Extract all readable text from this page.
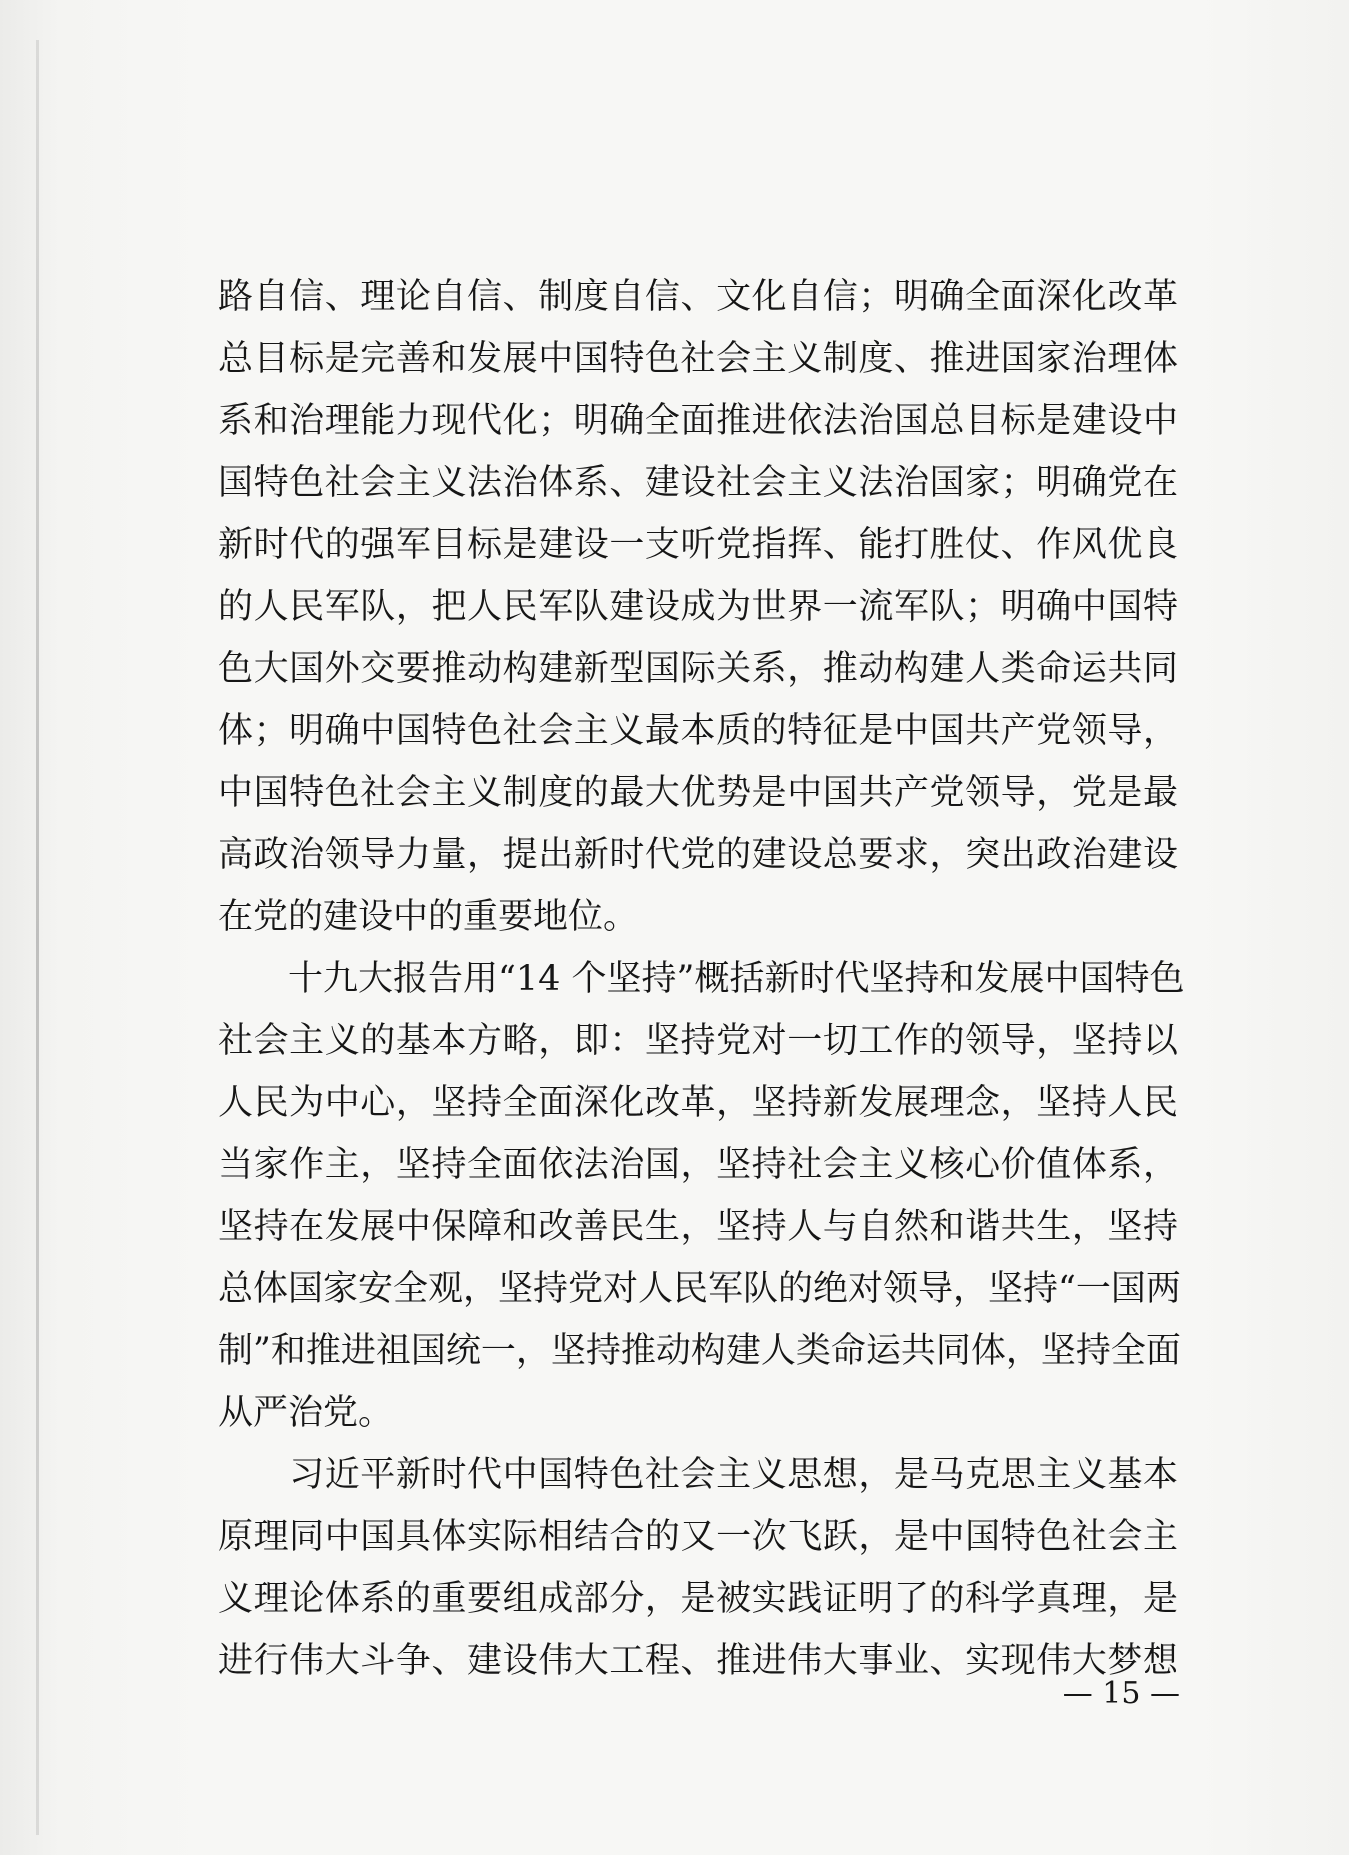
路自信、理论自信、制度自信、文化自信；明确全面深化改革
总目标是完善和发展中国特色社会主义制度、推进国家治理体
系和治理能力现代化；明确全面推进依法治国总目标是建设中
国特色社会主义法治体系、建设社会主义法治国家；明确党在
新时代的强军目标是建设一支听党指挥、能打胜仗、作风优良
的人民军队，把人民军队建设成为世界一流军队；明确中国特
色大国外交要推动构建新型国际关系，推动构建人类命运共同
体；明确中国特色社会主义最本质的特征是中国共产党领导，
中国特色社会主义制度的最大优势是中国共产党领导，党是最
高政治领导力量，提出新时代党的建设总要求，突出政治建设
在党的建设中的重要地位。
　　十九大报告用“14 个坚持”概括新时代坚持和发展中国特色
社会主义的基本方略，即：坚持党对一切工作的领导，坚持以
人民为中心，坚持全面深化改革，坚持新发展理念，坚持人民
当家作主，坚持全面依法治国，坚持社会主义核心价值体系，
坚持在发展中保障和改善民生，坚持人与自然和谐共生，坚持
总体国家安全观，坚持党对人民军队的绝对领导，坚持“一国两
制”和推进祖国统一，坚持推动构建人类命运共同体，坚持全面
从严治党。
　　习近平新时代中国特色社会主义思想，是马克思主义基本
原理同中国具体实际相结合的又一次飞跃，是中国特色社会主
义理论体系的重要组成部分，是被实践证明了的科学真理，是
进行伟大斗争、建设伟大工程、推进伟大事业、实现伟大梦想
— 15 —
